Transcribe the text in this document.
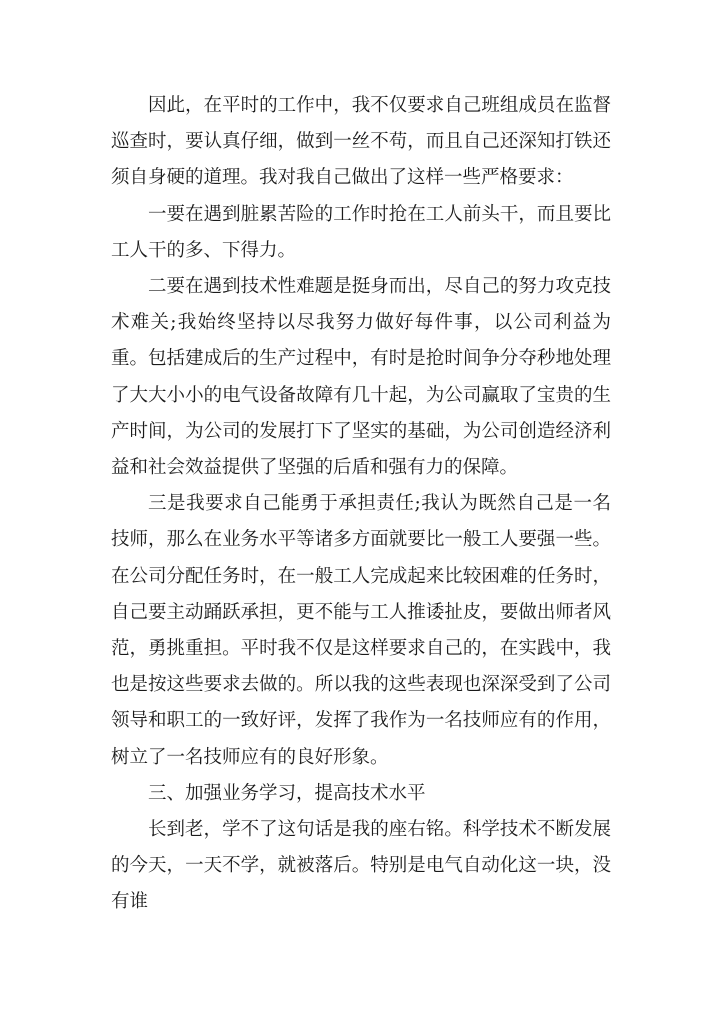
因此，在平时的工作中，我不仅要求自己班组成员在监督巡查时，要认真仔细，做到一丝不苟，而且自己还深知打铁还须自身硬的道理。我对我自己做出了这样一些严格要求：

一要在遇到脏累苦险的工作时抢在工人前头干，而且要比工人干的多、下得力。

二要在遇到技术性难题是挺身而出，尽自己的努力攻克技术难关;我始终坚持以尽我努力做好每件事，以公司利益为重。包括建成后的生产过程中，有时是抢时间争分夺秒地处理了大大小小的电气设备故障有几十起，为公司赢取了宝贵的生产时间，为公司的发展打下了坚实的基础，为公司创造经济利益和社会效益提供了坚强的后盾和强有力的保障。

三是我要求自己能勇于承担责任;我认为既然自己是一名技师，那么在业务水平等诸多方面就要比一般工人要强一些。在公司分配任务时，在一般工人完成起来比较困难的任务时，自己要主动踊跃承担，更不能与工人推诿扯皮，要做出师者风范，勇挑重担。平时我不仅是这样要求自己的，在实践中，我也是按这些要求去做的。所以我的这些表现也深深受到了公司领导和职工的一致好评，发挥了我作为一名技师应有的作用，树立了一名技师应有的良好形象。

三、加强业务学习，提高技术水平

长到老，学不了这句话是我的座右铭。科学技术不断发展的今天，一天不学，就被落后。特别是电气自动化这一块，没有谁
